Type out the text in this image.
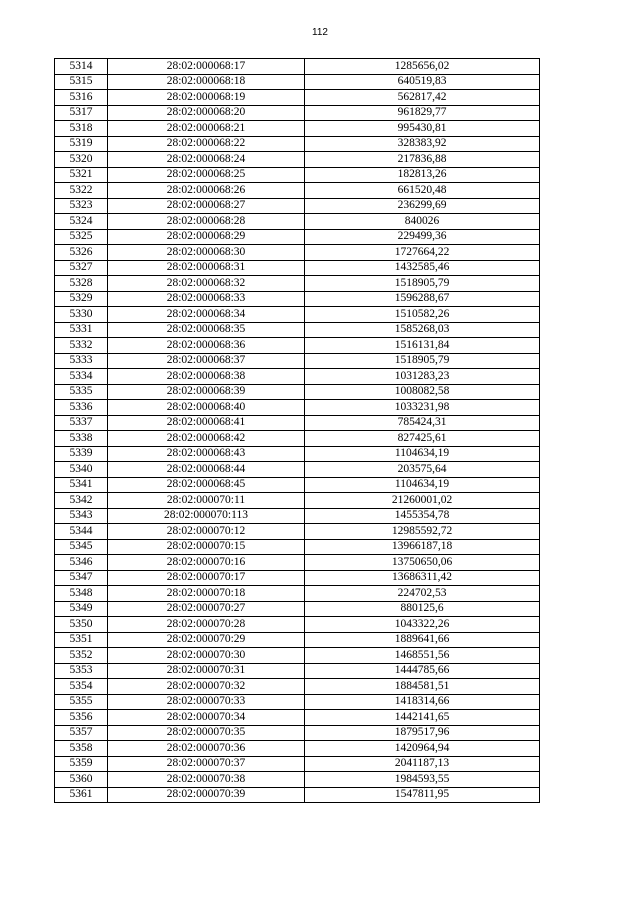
112
5314	28:02:000068:17	1285656,02
5315	28:02:000068:18	640519,83
5316	28:02:000068:19	562817,42
5317	28:02:000068:20	961829,77
5318	28:02:000068:21	995430,81
5319	28:02:000068:22	328383,92
5320	28:02:000068:24	217836,88
5321	28:02:000068:25	182813,26
5322	28:02:000068:26	661520,48
5323	28:02:000068:27	236299,69
5324	28:02:000068:28	840026
5325	28:02:000068:29	229499,36
5326	28:02:000068:30	1727664,22
5327	28:02:000068:31	1432585,46
5328	28:02:000068:32	1518905,79
5329	28:02:000068:33	1596288,67
5330	28:02:000068:34	1510582,26
5331	28:02:000068:35	1585268,03
5332	28:02:000068:36	1516131,84
5333	28:02:000068:37	1518905,79
5334	28:02:000068:38	1031283,23
5335	28:02:000068:39	1008082,58
5336	28:02:000068:40	1033231,98
5337	28:02:000068:41	785424,31
5338	28:02:000068:42	827425,61
5339	28:02:000068:43	1104634,19
5340	28:02:000068:44	203575,64
5341	28:02:000068:45	1104634,19
5342	28:02:000070:11	21260001,02
5343	28:02:000070:113	1455354,78
5344	28:02:000070:12	12985592,72
5345	28:02:000070:15	13966187,18
5346	28:02:000070:16	13750650,06
5347	28:02:000070:17	13686311,42
5348	28:02:000070:18	224702,53
5349	28:02:000070:27	880125,6
5350	28:02:000070:28	1043322,26
5351	28:02:000070:29	1889641,66
5352	28:02:000070:30	1468551,56
5353	28:02:000070:31	1444785,66
5354	28:02:000070:32	1884581,51
5355	28:02:000070:33	1418314,66
5356	28:02:000070:34	1442141,65
5357	28:02:000070:35	1879517,96
5358	28:02:000070:36	1420964,94
5359	28:02:000070:37	2041187,13
5360	28:02:000070:38	1984593,55
5361	28:02:000070:39	1547811,95
